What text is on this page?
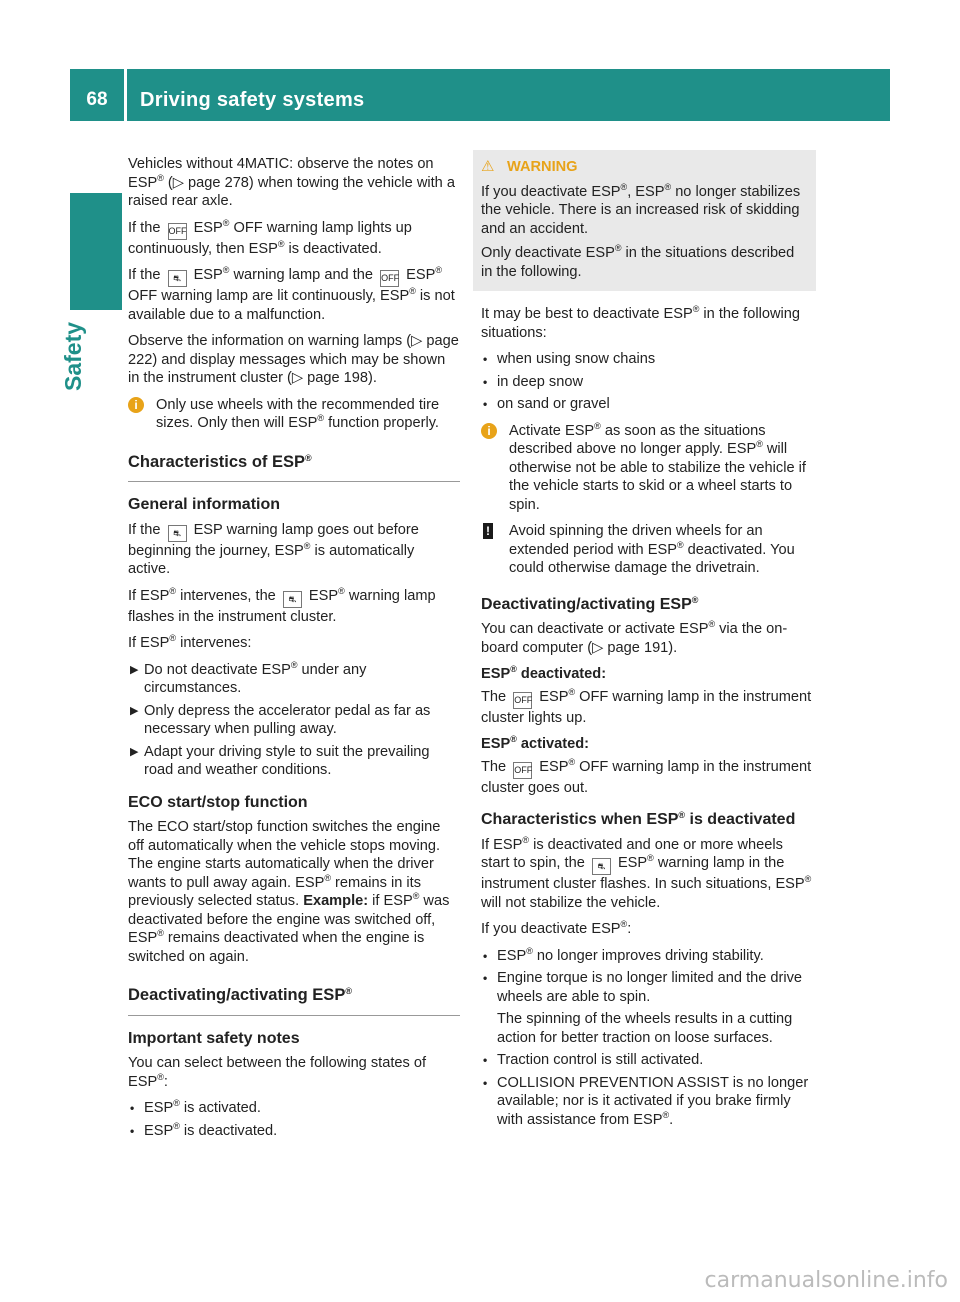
68	Driving safety systems
Safety

Vehicles without 4MATIC: observe the notes on ESP® (▷ page 278) when towing the vehicle with a raised rear axle.

If the OFF ESP® OFF warning lamp lights up continuously, then ESP® is deactivated.

If the ⛐ ESP® warning lamp and the OFF ESP® OFF warning lamp are lit continuously, ESP® is not available due to a malfunction.

Observe the information on warning lamps (▷ page 222) and display messages which may be shown in the instrument cluster (▷ page 198).

i	Only use wheels with the recommended tire sizes. Only then will ESP® function properly.
Characteristics of ESP®
General information

If the ⛐ ESP warning lamp goes out before beginning the journey, ESP® is automatically active.

If ESP® intervenes, the ⛐ ESP® warning lamp flashes in the instrument cluster.

If ESP® intervenes:

▶ Do not deactivate ESP® under any circumstances.
▶ Only depress the accelerator pedal as far as necessary when pulling away.
▶ Adapt your driving style to suit the prevailing road and weather conditions.
ECO start/stop function

The ECO start/stop function switches the engine off automatically when the vehicle stops moving. The engine starts automatically when the driver wants to pull away again. ESP® remains in its previously selected status. Example: if ESP® was deactivated before the engine was switched off, ESP® remains deactivated when the engine is switched on again.

Deactivating/activating ESP®
Important safety notes

You can select between the following states of ESP®:

• ESP® is activated.
• ESP® is deactivated.
⚠ WARNING

If you deactivate ESP®, ESP® no longer stabilizes the vehicle. There is an increased risk of skidding and an accident.

Only deactivate ESP® in the situations described in the following.

It may be best to deactivate ESP® in the following situations:

• when using snow chains
• in deep snow
• on sand or gravel
i	Activate ESP® as soon as the situations described above no longer apply. ESP® will otherwise not be able to stabilize the vehicle if the vehicle starts to skid or a wheel starts to spin.
! Avoid spinning the driven wheels for an extended period with ESP® deactivated. You could otherwise damage the drivetrain.
Deactivating/activating ESP®

You can deactivate or activate ESP® via the on-board computer (▷ page 191).

ESP® deactivated:

The OFF ESP® OFF warning lamp in the instrument cluster lights up.

ESP® activated:

The OFF ESP® OFF warning lamp in the instrument cluster goes out.

Characteristics when ESP® is deactivated

If ESP® is deactivated and one or more wheels start to spin, the ⛐ ESP® warning lamp in the instrument cluster flashes. In such situations, ESP® will not stabilize the vehicle.

If you deactivate ESP®:

• ESP® no longer improves driving stability.
• Engine torque is no longer limited and the drive wheels are able to spin.
The spinning of the wheels results in a cutting action for better traction on loose surfaces.
• Traction control is still activated.
• COLLISION PREVENTION ASSIST is no longer available; nor is it activated if you brake firmly with assistance from ESP®.
carmanualsonline.info
